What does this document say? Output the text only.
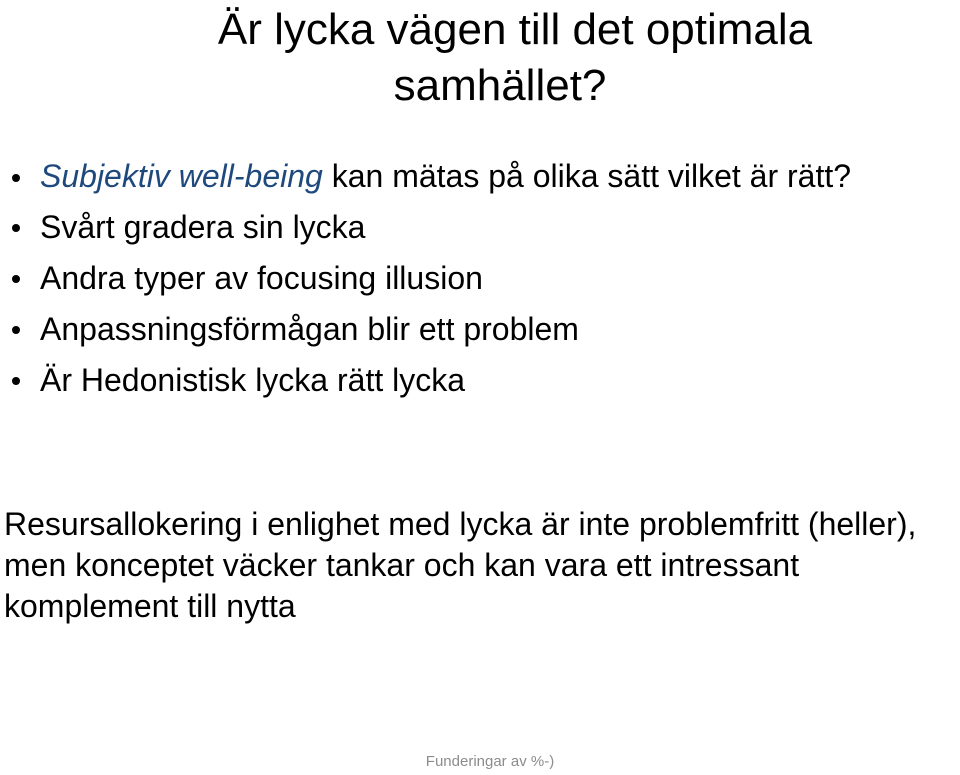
Är lycka vägen till det optimala
samhället?
Subjektiv well-being kan mätas på olika sätt vilket är rätt?
Svårt gradera sin lycka
Andra typer av focusing illusion
Anpassningsförmågan blir ett problem
Är Hedonistisk lycka rätt lycka

Resursallokering i enlighet med lycka är inte problemfritt (heller), men konceptet väcker tankar och kan vara ett intressant komplement till nytta

Funderingar av %-)
